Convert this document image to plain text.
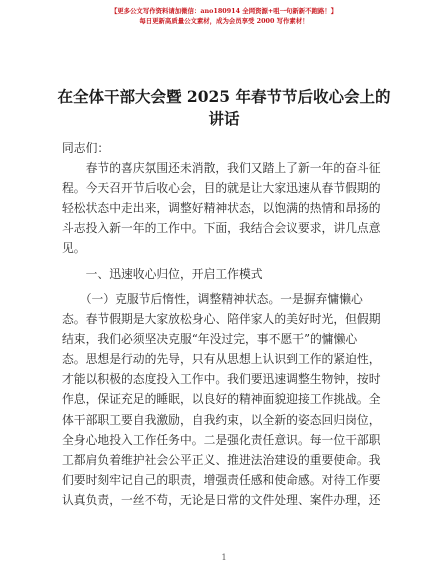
【更多公文写作资料请加微信：ano180914 全网资源+咀一句新新不跑路！】
每日更新高质量公文素材，成为会员享受 2000 写作素材！
在全体干部大会暨 2025 年春节节后收心会上的
讲话
同志们：
　　春节的喜庆氛围还未消散，我们又踏上了新一年的奋斗征
程。今天召开节后收心会，目的就是让大家迅速从春节假期的
轻松状态中走出来，调整好精神状态，以饱满的热情和昂扬的
斗志投入新一年的工作中。下面，我结合会议要求，讲几点意
见。
　　一、迅速收心归位，开启工作模式
　　（一）克服节后惰性，调整精神状态。一是摒弃慵懒心
态。春节假期是大家放松身心、陪伴家人的美好时光，但假期
结束，我们必须坚决克服“年没过完，事不愿干”的慵懒心
态。思想是行动的先导，只有从思想上认识到工作的紧迫性，
才能以积极的态度投入工作中。我们要迅速调整生物钟，按时
作息，保证充足的睡眠，以良好的精神面貌迎接工作挑战。全
体干部职工要自我激励，自我约束，以全新的姿态回归岗位，
全身心地投入工作任务中。二是强化责任意识。每一位干部职
工都肩负着维护社会公平正义、推进法治建设的重要使命。我
们要时刻牢记自己的职责，增强责任感和使命感。对待工作要
认真负责，一丝不苟，无论是日常的文件处理、案件办理，还
1
